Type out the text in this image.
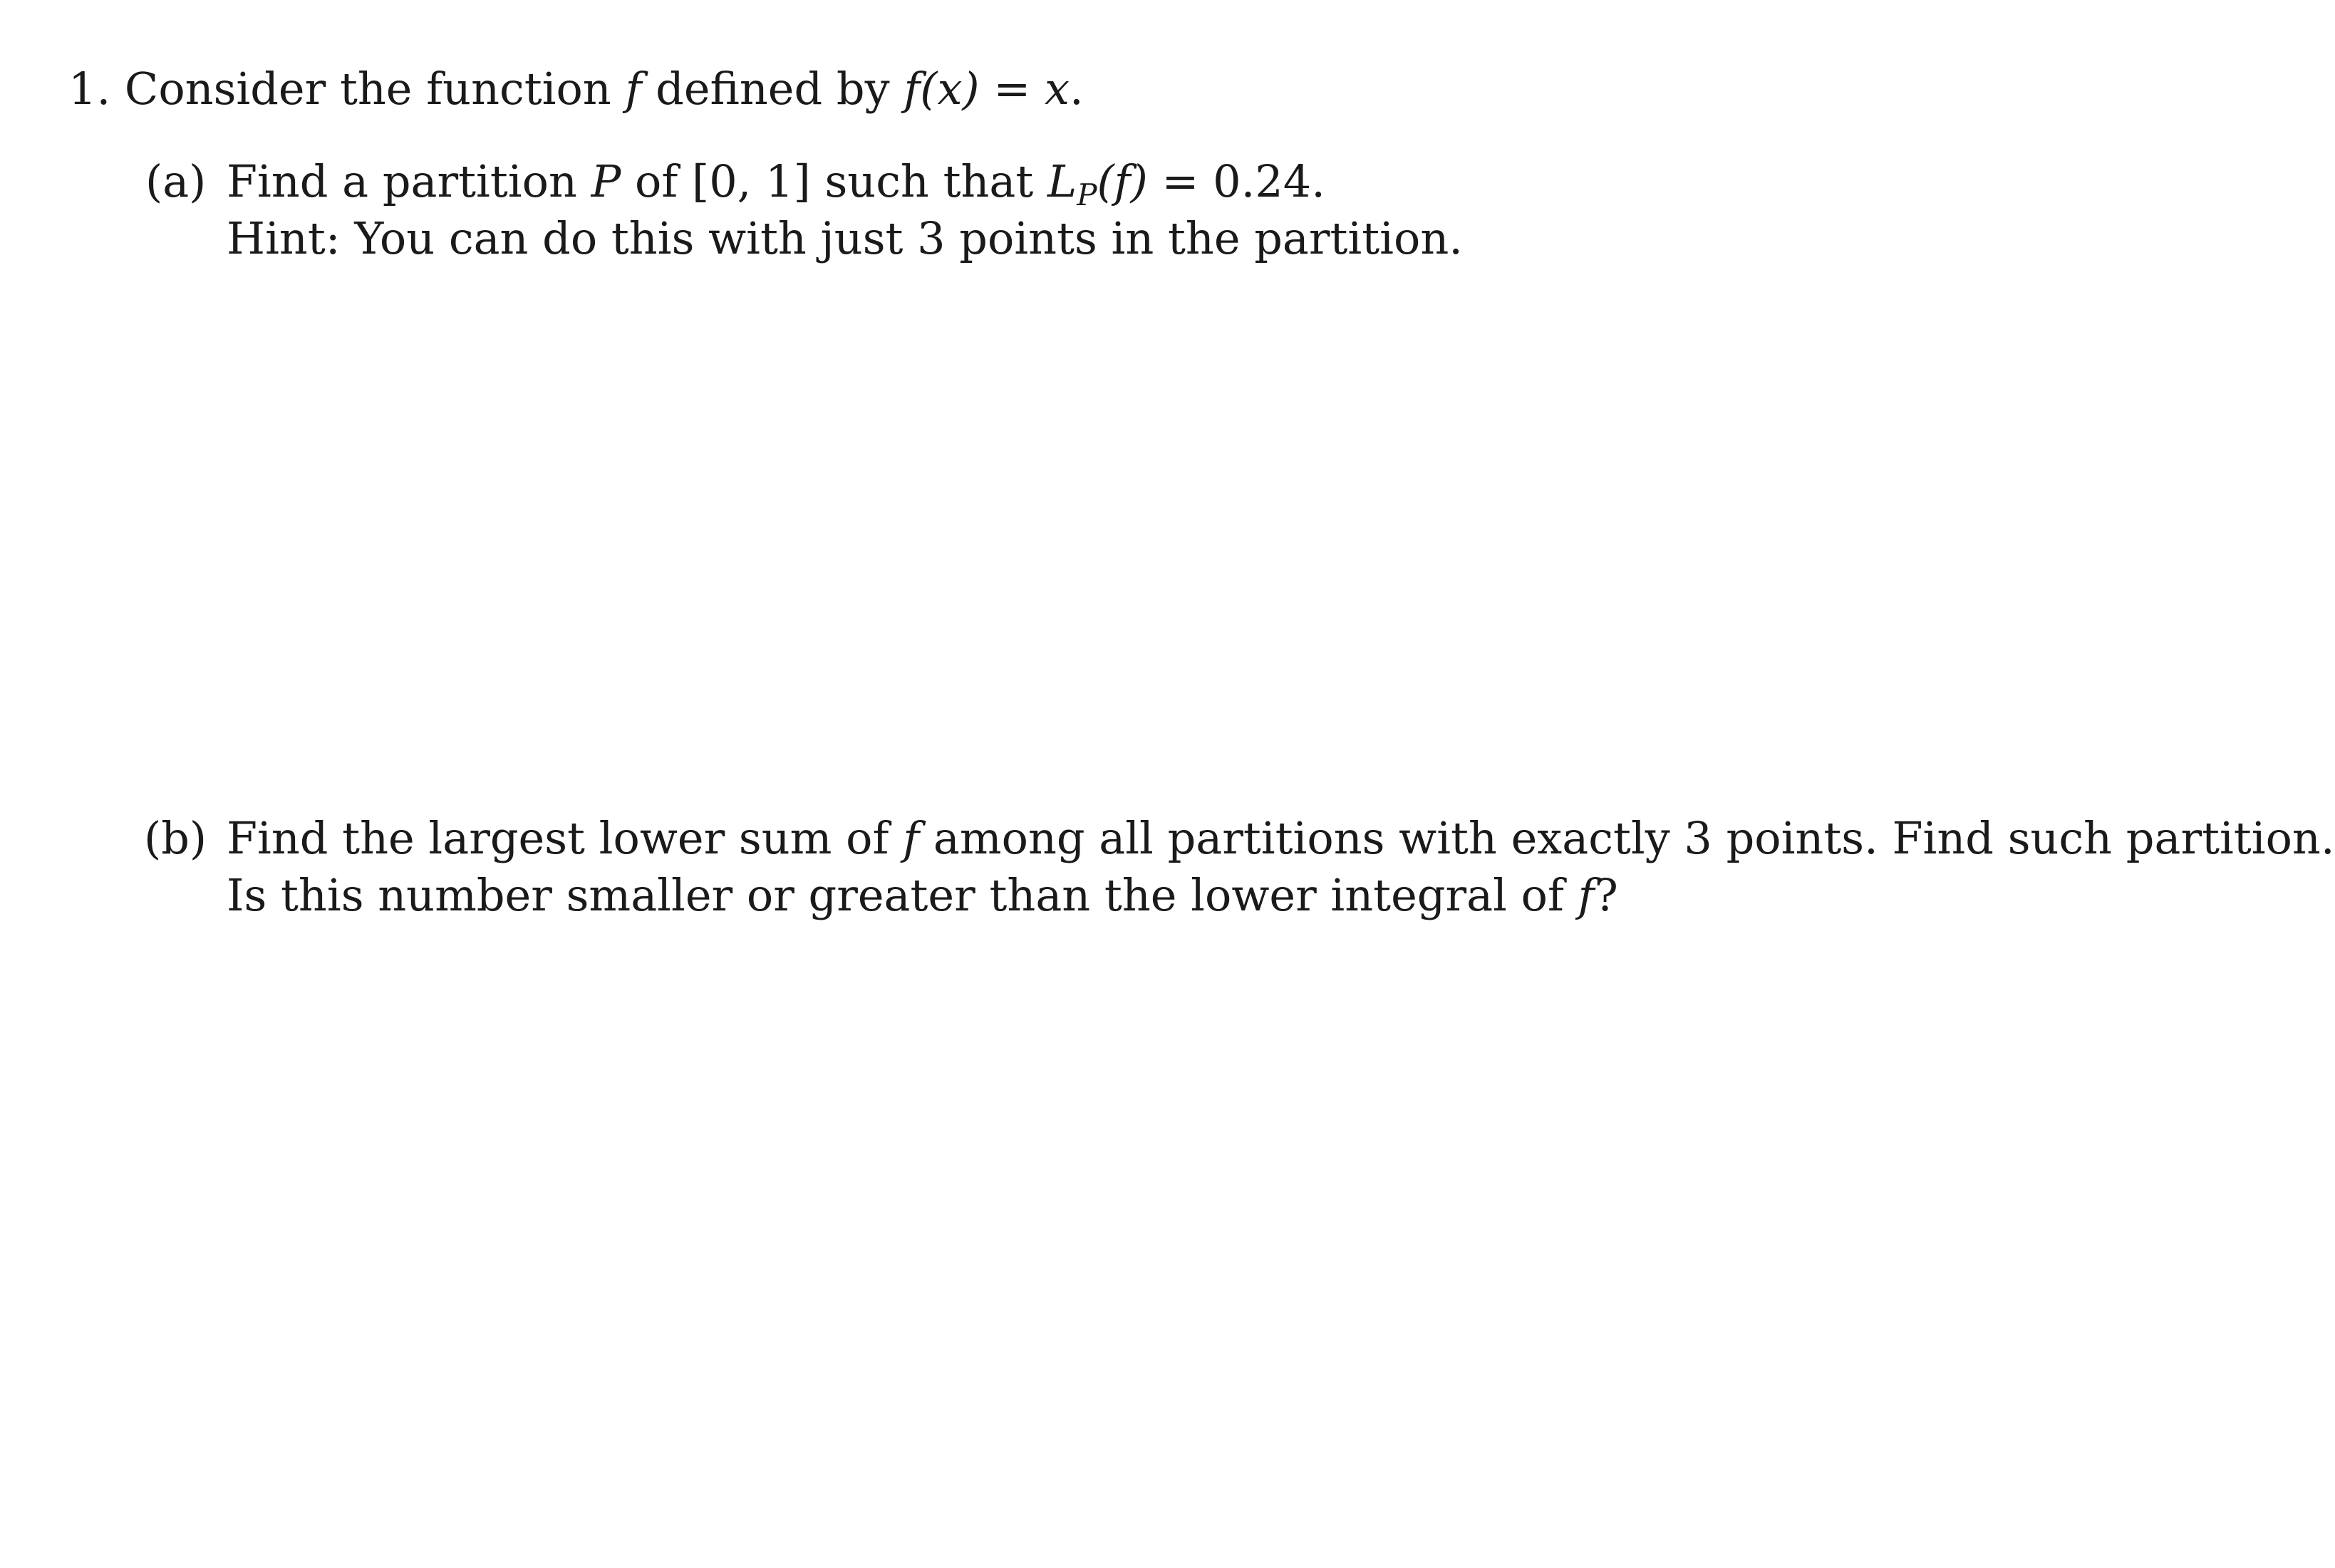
1. Consider the function f defined by f(x) = x.
(a) Find a partition P of [0, 1] such that LP(f) = 0.24.
Hint: You can do this with just 3 points in the partition.
(b) Find the largest lower sum of f among all partitions with exactly 3 points. Find such partition.
Is this number smaller or greater than the lower integral of f?
